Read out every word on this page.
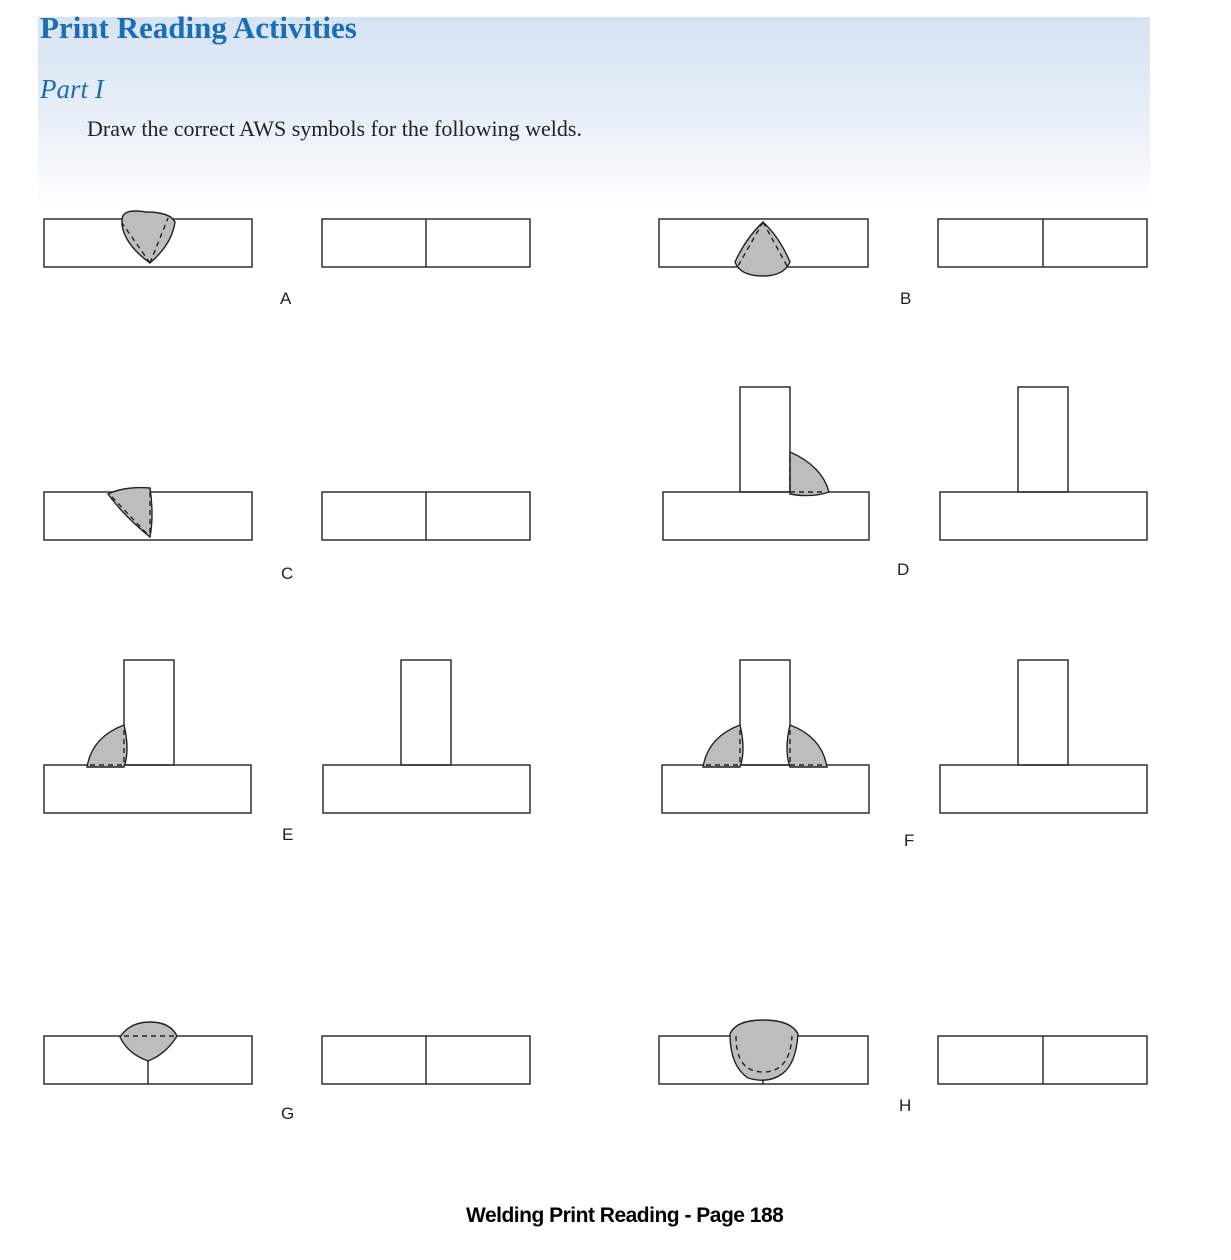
Print Reading Activities
Part I

Draw the correct AWS symbols for the following welds.

A	B
C	D
E	F
G	H

Welding Print Reading - Page 188
